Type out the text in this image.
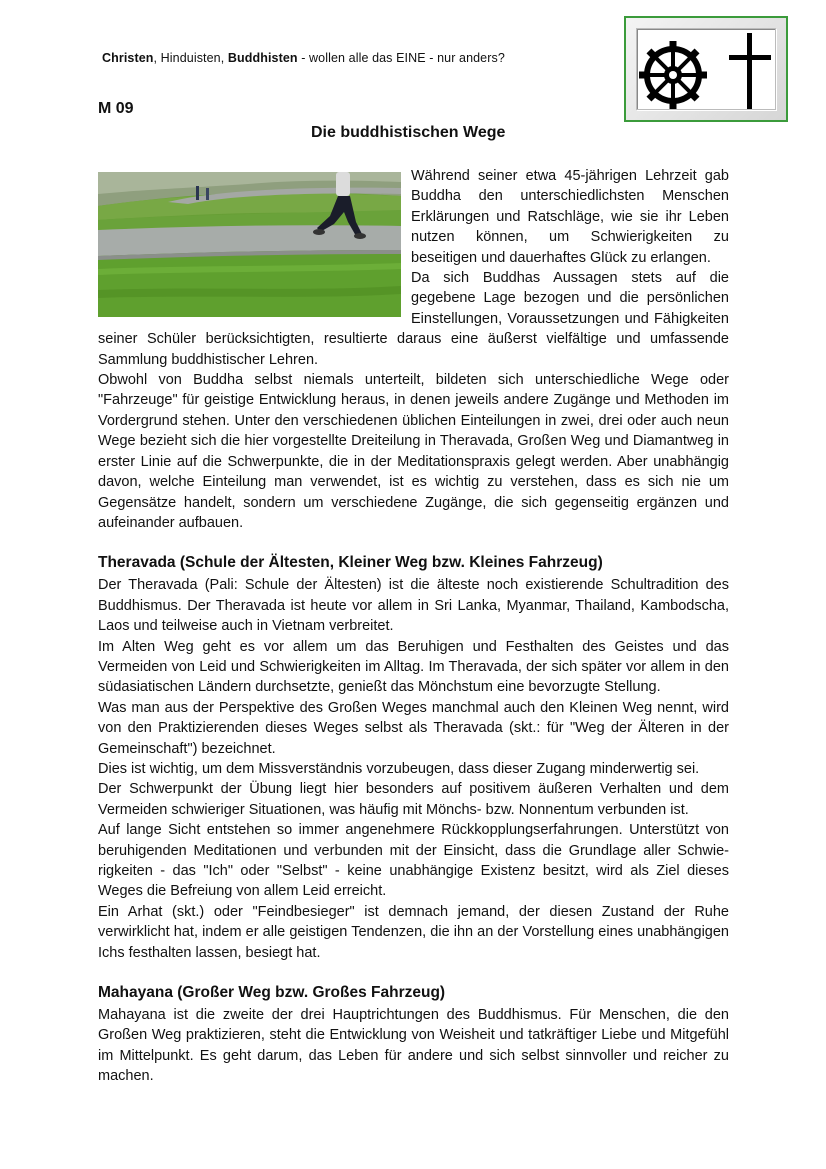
Christen, Hinduisten, Buddhisten - wollen alle das EINE - nur anders?
M 09
Die buddhistischen Wege

Während seiner etwa 45-jährigen Lehrzeit gab Buddha den unterschiedlichsten Menschen Erklärungen und Ratschläge, wie sie ihr Leben nutzen können, um Schwierigkeiten zu beseitigen und dauerhaftes Glück zu erlangen.

Da sich Buddhas Aussagen stets auf die gegebene Lage bezogen und die persönlichen Einstellungen, Voraussetzungen und Fähigkeiten seiner Schüler berücksichtigten, resultierte daraus eine äußerst vielfältige und umfassende Sammlung buddhistischer Lehren.

Obwohl von Buddha selbst niemals unterteilt, bildeten sich unterschiedliche Wege oder "Fahrzeuge" für geistige Entwicklung heraus, in denen jeweils andere Zugänge und Methoden im Vordergrund stehen. Unter den verschiedenen üblichen Einteilungen in zwei, drei oder auch neun Wege bezieht sich die hier vorgestellte Dreiteilung in Theravada, Großen Weg und Diamantweg in erster Linie auf die Schwerpunkte, die in der Meditationspraxis gelegt werden. Aber unabhängig davon, welche Einteilung man verwendet, ist es wichtig zu verstehen, dass es sich nie um Gegensätze handelt, sondern um verschiedene Zugänge, die sich gegenseitig ergänzen und aufeinander aufbauen.

Theravada (Schule der Ältesten, Kleiner Weg bzw. Kleines Fahrzeug)

Der Theravada (Pali: Schule der Ältesten) ist die älteste noch existierende Schultradition des Buddhismus. Der Theravada ist heute vor allem in Sri Lanka, Myanmar, Thailand, Kambodscha, Laos und teilweise auch in Vietnam verbreitet.

Im Alten Weg geht es vor allem um das Beruhigen und Festhalten des Geistes und das Vermeiden von Leid und Schwierigkeiten im Alltag. Im Theravada, der sich später vor allem in den südasiatischen Ländern durchsetzte, genießt das Mönchstum eine bevorzugte Stellung.

Was man aus der Perspektive des Großen Weges manchmal auch den Kleinen Weg nennt, wird von den Praktizierenden dieses Weges selbst als Theravada (skt.: für "Weg der Älteren in der Gemeinschaft") bezeichnet.

Dies ist wichtig, um dem Missverständnis vorzubeugen, dass dieser Zugang minderwertig sei.

Der Schwerpunkt der Übung liegt hier besonders auf positivem äußeren Verhalten und dem Vermeiden schwieriger Situationen, was häufig mit Mönchs- bzw. Nonnentum verbunden ist.

Auf lange Sicht entstehen so immer angenehmere Rückkopplungserfahrungen. Unterstützt von beruhigenden Meditationen und verbunden mit der Einsicht, dass die Grundlage aller Schwie-rigkeiten - das "Ich" oder "Selbst" - keine unabhängige Existenz besitzt, wird als Ziel dieses Weges die Befreiung von allem Leid erreicht.

Ein Arhat (skt.) oder "Feindbesieger" ist demnach jemand, der diesen Zustand der Ruhe verwirklicht hat, indem er alle geistigen Tendenzen, die ihn an der Vorstellung eines unabhängigen Ichs festhalten lassen, besiegt hat.

Mahayana (Großer Weg bzw. Großes Fahrzeug)

Mahayana ist die zweite der drei Hauptrichtungen des Buddhismus. Für Menschen, die den Großen Weg praktizieren, steht die Entwicklung von Weisheit und tatkräftiger Liebe und Mitgefühl im Mittelpunkt. Es geht darum, das Leben für andere und sich selbst sinnvoller und reicher zu machen.
